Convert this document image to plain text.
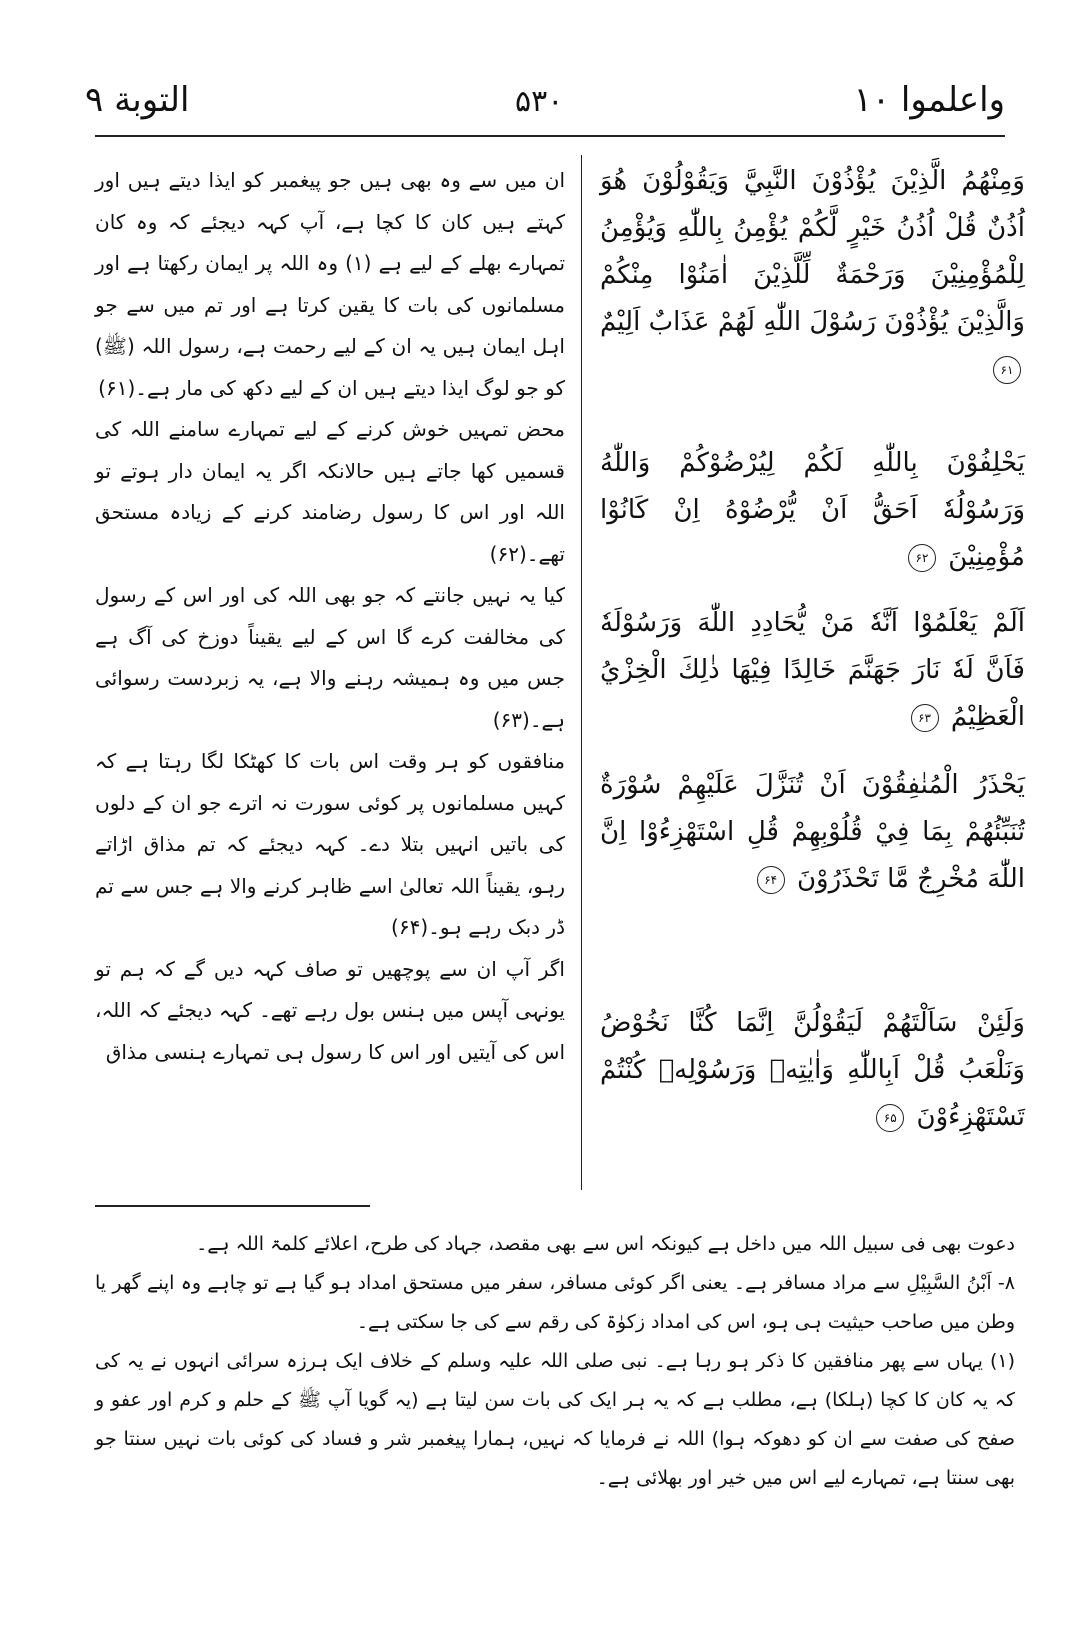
التوبة ٩	۵۳۰	واعلموا ١٠
وَمِنْهُمُ الَّذِيْنَ يُؤْذُوْنَ النَّبِيَّ وَيَقُوْلُوْنَ هُوَ اُذُنٌ قُلْ اُذُنُ خَيْرٍ لَّكُمْ يُؤْمِنُ بِاللّٰهِ وَيُؤْمِنُ لِلْمُؤْمِنِيْنَ وَرَحْمَةٌ لِّلَّذِيْنَ اٰمَنُوْا مِنْكُمْ وَالَّذِيْنَ يُؤْذُوْنَ رَسُوْلَ اللّٰهِ لَهُمْ عَذَابٌ اَلِيْمٌ ۶۱
يَحْلِفُوْنَ بِاللّٰهِ لَكُمْ لِيُرْضُوْكُمْ وَاللّٰهُ وَرَسُوْلُهٗ اَحَقُّ اَنْ يُّرْضُوْهُ اِنْ كَانُوْا مُؤْمِنِيْنَ ۶۲
اَلَمْ يَعْلَمُوْا اَنَّهٗ مَنْ يُّحَادِدِ اللّٰهَ وَرَسُوْلَهٗ فَاَنَّ لَهٗ نَارَ جَهَنَّمَ خَالِدًا فِيْهَا ذٰلِكَ الْخِزْيُ الْعَظِيْمُ ۶۳
يَحْذَرُ الْمُنٰفِقُوْنَ اَنْ تُنَزَّلَ عَلَيْهِمْ سُوْرَةٌ تُنَبِّئُهُمْ بِمَا فِيْ قُلُوْبِهِمْ قُلِ اسْتَهْزِءُوْا اِنَّ اللّٰهَ مُخْرِجٌ مَّا تَحْذَرُوْنَ ۶۴
وَلَئِنْ سَاَلْتَهُمْ لَيَقُوْلُنَّ اِنَّمَا كُنَّا نَخُوْضُ وَنَلْعَبُ قُلْ اَبِاللّٰهِ وَاٰيٰتِهٖ وَرَسُوْلِهٖ كُنْتُمْ تَسْتَهْزِءُوْنَ ۶۵

ان میں سے وہ بھی ہیں جو پیغمبر کو ایذا دیتے ہیں اور کہتے ہیں کان کا کچا ہے، آپ کہہ دیجئے کہ وہ کان تمہارے بھلے کے لیے ہے (۱) وہ اللہ پر ایمان رکھتا ہے اور مسلمانوں کی بات کا یقین کرتا ہے اور تم میں سے جو اہل ایمان ہیں یہ ان کے لیے رحمت ہے، رسول اللہ (ﷺ) کو جو لوگ ایذا دیتے ہیں ان کے لیے دکھ کی مار ہے۔(۶۱)

محض تمہیں خوش کرنے کے لیے تمہارے سامنے اللہ کی قسمیں کھا جاتے ہیں حالانکہ اگر یہ ایمان دار ہوتے تو اللہ اور اس کا رسول رضامند کرنے کے زیادہ مستحق تھے۔(۶۲)

کیا یہ نہیں جانتے کہ جو بھی اللہ کی اور اس کے رسول کی مخالفت کرے گا اس کے لیے یقیناً دوزخ کی آگ ہے جس میں وہ ہمیشہ رہنے والا ہے، یہ زبردست رسوائی ہے۔(۶۳)

منافقوں کو ہر وقت اس بات کا کھٹکا لگا رہتا ہے کہ کہیں مسلمانوں پر کوئی سورت نہ اترے جو ان کے دلوں کی باتیں انہیں بتلا دے۔ کہہ دیجئے کہ تم مذاق اڑاتے رہو، یقیناً اللہ تعالیٰ اسے ظاہر کرنے والا ہے جس سے تم ڈر دبک رہے ہو۔(۶۴)

اگر آپ ان سے پوچھیں تو صاف کہہ دیں گے کہ ہم تو یونہی آپس میں ہنس بول رہے تھے۔ کہہ دیجئے کہ اللہ، اس کی آیتیں اور اس کا رسول ہی تمہارے ہنسی مذاق

دعوت بھی فی سبیل اللہ میں داخل ہے کیونکہ اس سے بھی مقصد، جہاد کی طرح، اعلائے کلمۃ اللہ ہے۔

۸- اَبْنُ السَّبِيْلِ سے مراد مسافر ہے۔ یعنی اگر کوئی مسافر، سفر میں مستحق امداد ہو گیا ہے تو چاہے وہ اپنے گھر یا وطن میں صاحب حیثیت ہی ہو، اس کی امداد زکوٰۃ کی رقم سے کی جا سکتی ہے۔

(۱) یہاں سے پھر منافقین کا ذکر ہو رہا ہے۔ نبی صلی اللہ علیہ وسلم کے خلاف ایک ہرزہ سرائی انہوں نے یہ کی کہ یہ کان کا کچا (ہلکا) ہے، مطلب ہے کہ یہ ہر ایک کی بات سن لیتا ہے (یہ گویا آپ ﷺ کے حلم و کرم اور عفو و صفح کی صفت سے ان کو دھوکہ ہوا) اللہ نے فرمایا کہ نہیں، ہمارا پیغمبر شر و فساد کی کوئی بات نہیں سنتا جو بھی سنتا ہے، تمہارے لیے اس میں خیر اور بھلائی ہے۔
